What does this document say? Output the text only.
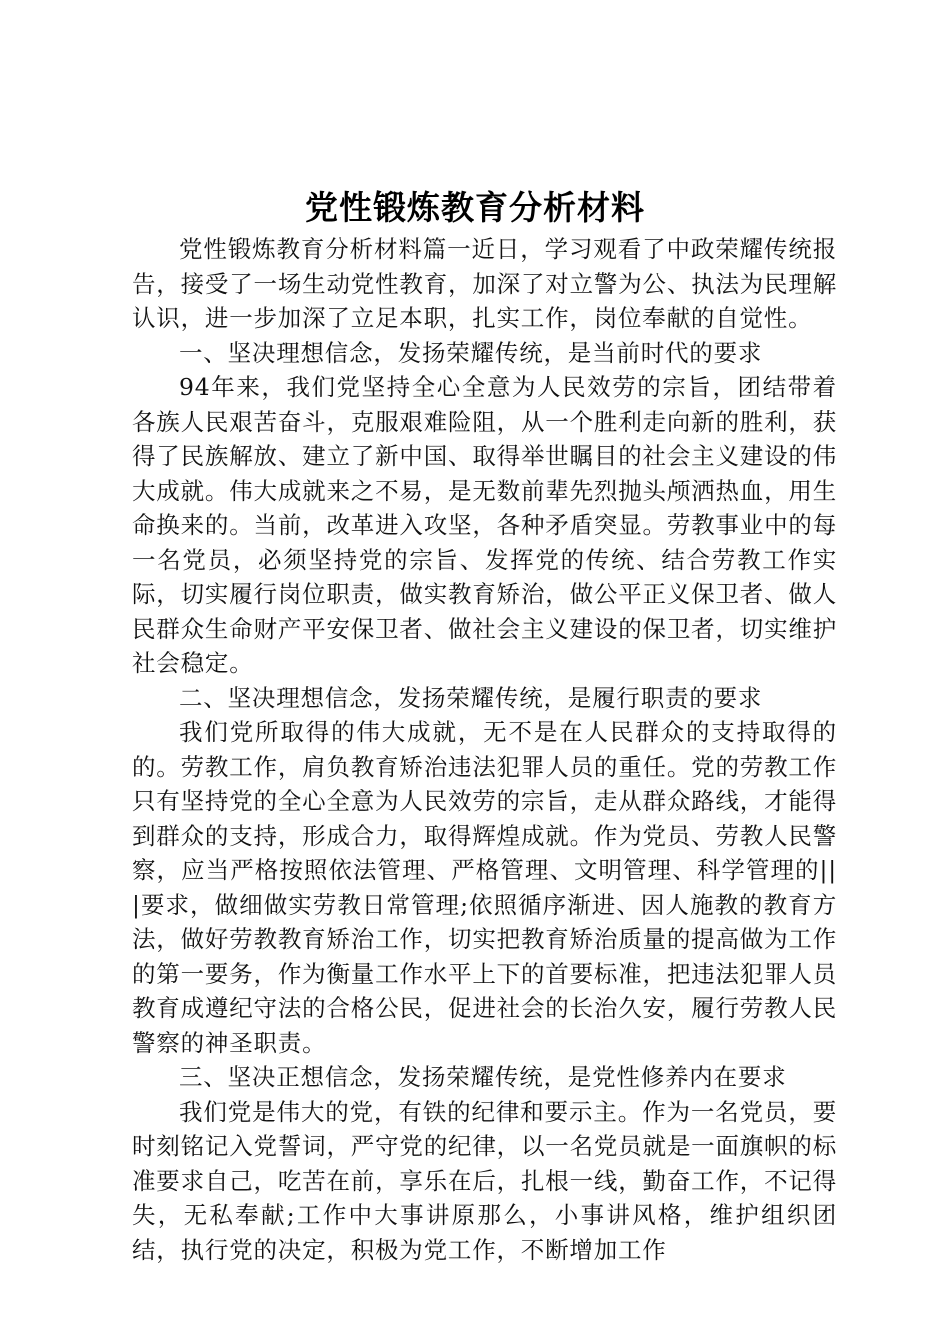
党性锻炼教育分析材料

党性锻炼教育分析材料篇一近日，学习观看了中政荣耀传统报告，接受了一场生动党性教育，加深了对立警为公、执法为民理解认识，进一步加深了立足本职，扎实工作，岗位奉献的自觉性。

一、坚决理想信念，发扬荣耀传统，是当前时代的要求

94年来，我们党坚持全心全意为人民效劳的宗旨，团结带着各族人民艰苦奋斗，克服艰难险阻，从一个胜利走向新的胜利，获得了民族解放、建立了新中国、取得举世瞩目的社会主义建设的伟大成就。伟大成就来之不易，是无数前辈先烈抛头颅洒热血，用生命换来的。当前，改革进入攻坚，各种矛盾突显。劳教事业中的每一名党员，必须坚持党的宗旨、发挥党的传统、结合劳教工作实际，切实履行岗位职责，做实教育矫治，做公平正义保卫者、做人民群众生命财产平安保卫者、做社会主义建设的保卫者，切实维护社会稳定。

二、坚决理想信念，发扬荣耀传统，是履行职责的要求

我们党所取得的伟大成就，无不是在人民群众的支持取得的的。劳教工作，肩负教育矫治违法犯罪人员的重任。党的劳教工作只有坚持党的全心全意为人民效劳的宗旨，走从群众路线，才能得到群众的支持，形成合力，取得辉煌成就。作为党员、劳教人民警察，应当严格按照依法管理、严格管理、文明管理、科学管理的|||要求，做细做实劳教日常管理;依照循序渐进、因人施教的教育方法，做好劳教教育矫治工作，切实把教育矫治质量的提高做为工作的第一要务，作为衡量工作水平上下的首要标准，把违法犯罪人员教育成遵纪守法的合格公民，促进社会的长治久安，履行劳教人民警察的神圣职责。

三、坚决正想信念，发扬荣耀传统，是党性修养内在要求

我们党是伟大的党，有铁的纪律和要示主。作为一名党员，要时刻铭记入党誓词，严守党的纪律，以一名党员就是一面旗帜的标准要求自己，吃苦在前，享乐在后，扎根一线，勤奋工作，不记得失，无私奉献;工作中大事讲原那么，小事讲风格，维护组织团结，执行党的决定，积极为党工作，不断增加工作
